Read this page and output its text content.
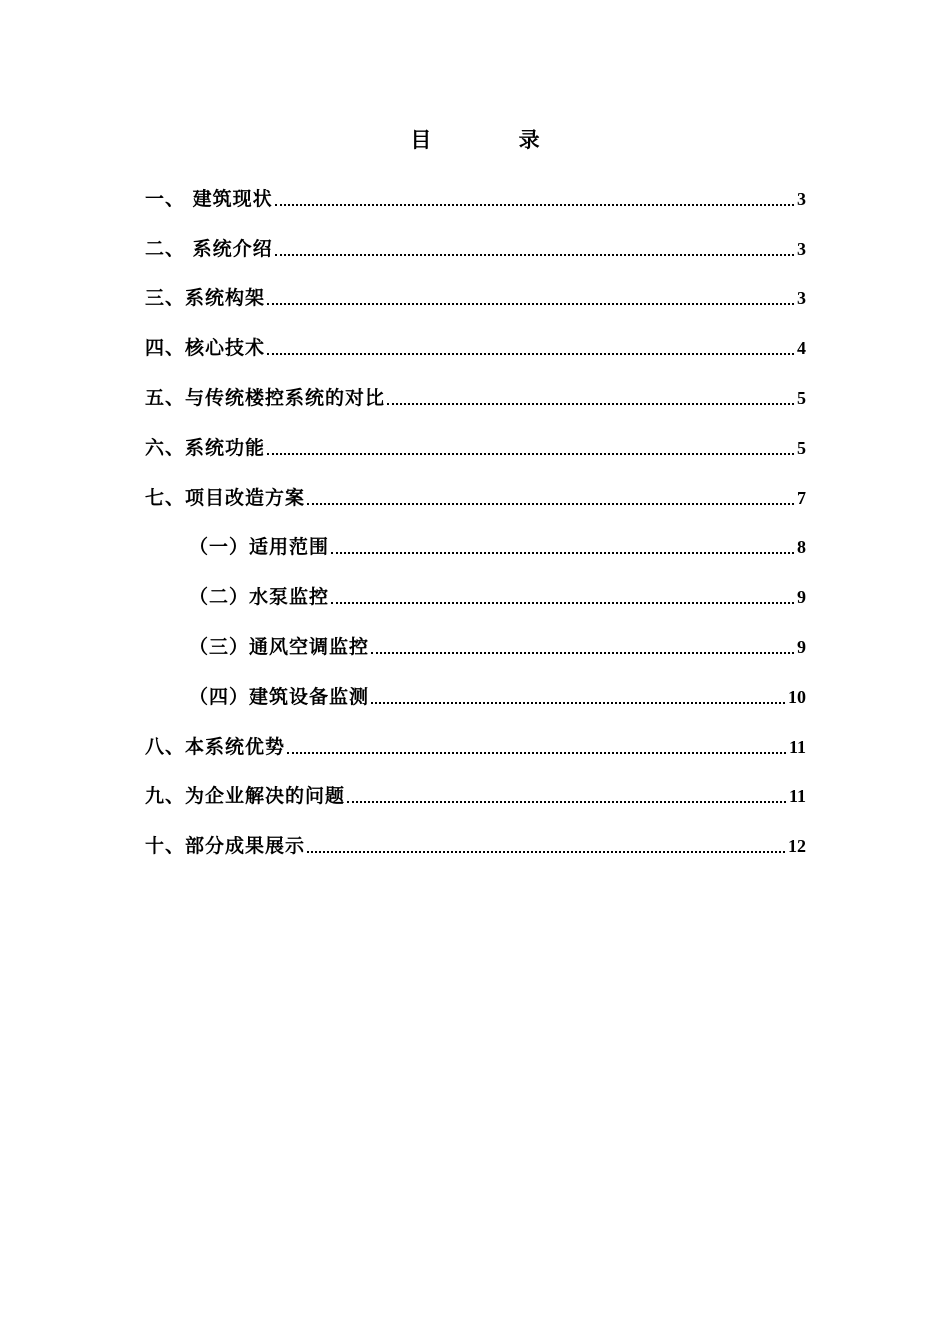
目 录
一、 建筑现状	3
二、 系统介绍	3
三、系统构架	3
四、核心技术	4
五、与传统楼控系统的对比	5
六、系统功能	5
七、项目改造方案	7
（一）适用范围	8
（二）水泵监控	9
（三）通风空调监控	9
（四）建筑设备监测	10
八、本系统优势	11
九、为企业解决的问题	11
十、部分成果展示	12
